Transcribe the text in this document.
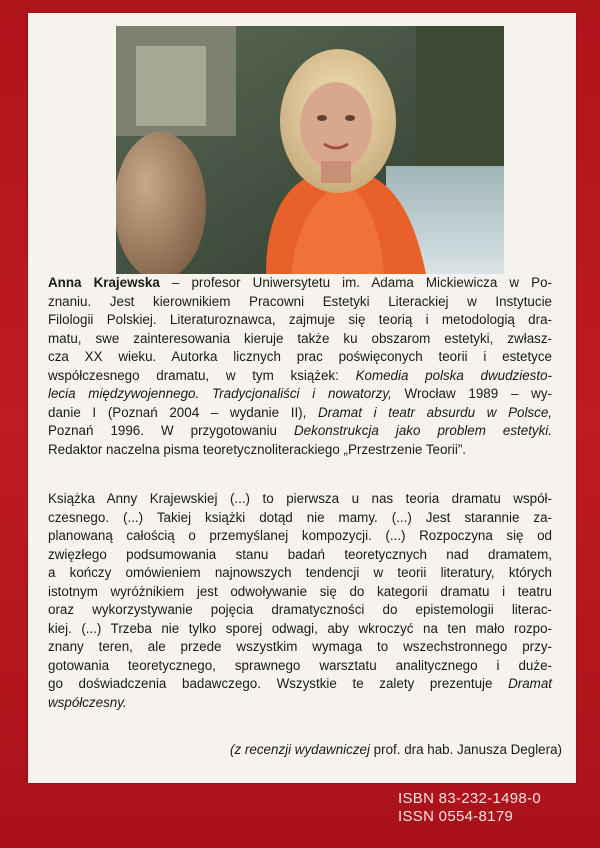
Anna Krajewska – profesor Uniwersytetu im. Adama Mickiewicza w Po-
znaniu. Jest kierownikiem Pracowni Estetyki Literackiej w Instytucie
Filologii Polskiej. Literaturoznawca, zajmuje się teorią i metodologią dra-
matu, swe zainteresowania kieruje także ku obszarom estetyki, zwłasz-
cza XX wieku. Autorka licznych prac poświęconych teorii i estetyce
współczesnego dramatu, w tym książek: Komedia polska dwudziesto-
lecia międzywojennego. Tradycjonaliści i nowatorzy, Wrocław 1989 – wy-
danie I (Poznań 2004 – wydanie II), Dramat i teatr absurdu w Polsce,
Poznań 1996. W przygotowaniu Dekonstrukcja jako problem estetyki.
Redaktor naczelna pisma teoretycznoliterackiego „Przestrzenie Teorii”.
Książka Anny Krajewskiej (...) to pierwsza u nas teoria dramatu współ-
czesnego. (...) Takiej książki dotąd nie mamy. (...) Jest starannie za-
planowaną całością o przemyślanej kompozycji. (...) Rozpoczyna się od
zwięzłego podsumowania stanu badań teoretycznych nad dramatem,
a kończy omówieniem najnowszych tendencji w teorii literatury, których
istotnym wyróżnikiem jest odwoływanie się do kategorii dramatu i teatru
oraz wykorzystywanie pojęcia dramatyczności do epistemologii literac-
kiej. (...) Trzeba nie tylko sporej odwagi, aby wkroczyć na ten mało rozpo-
znany teren, ale przede wszystkim wymaga to wszechstronnego przy-
gotowania teoretycznego, sprawnego warsztatu analitycznego i duże-
go doświadczenia badawczego. Wszystkie te zalety prezentuje Dramat
współczesny.
(z recenzji wydawniczej prof. dra hab. Janusza Deglera)
ISBN 83-232-1498-0
ISSN 0554-8179
